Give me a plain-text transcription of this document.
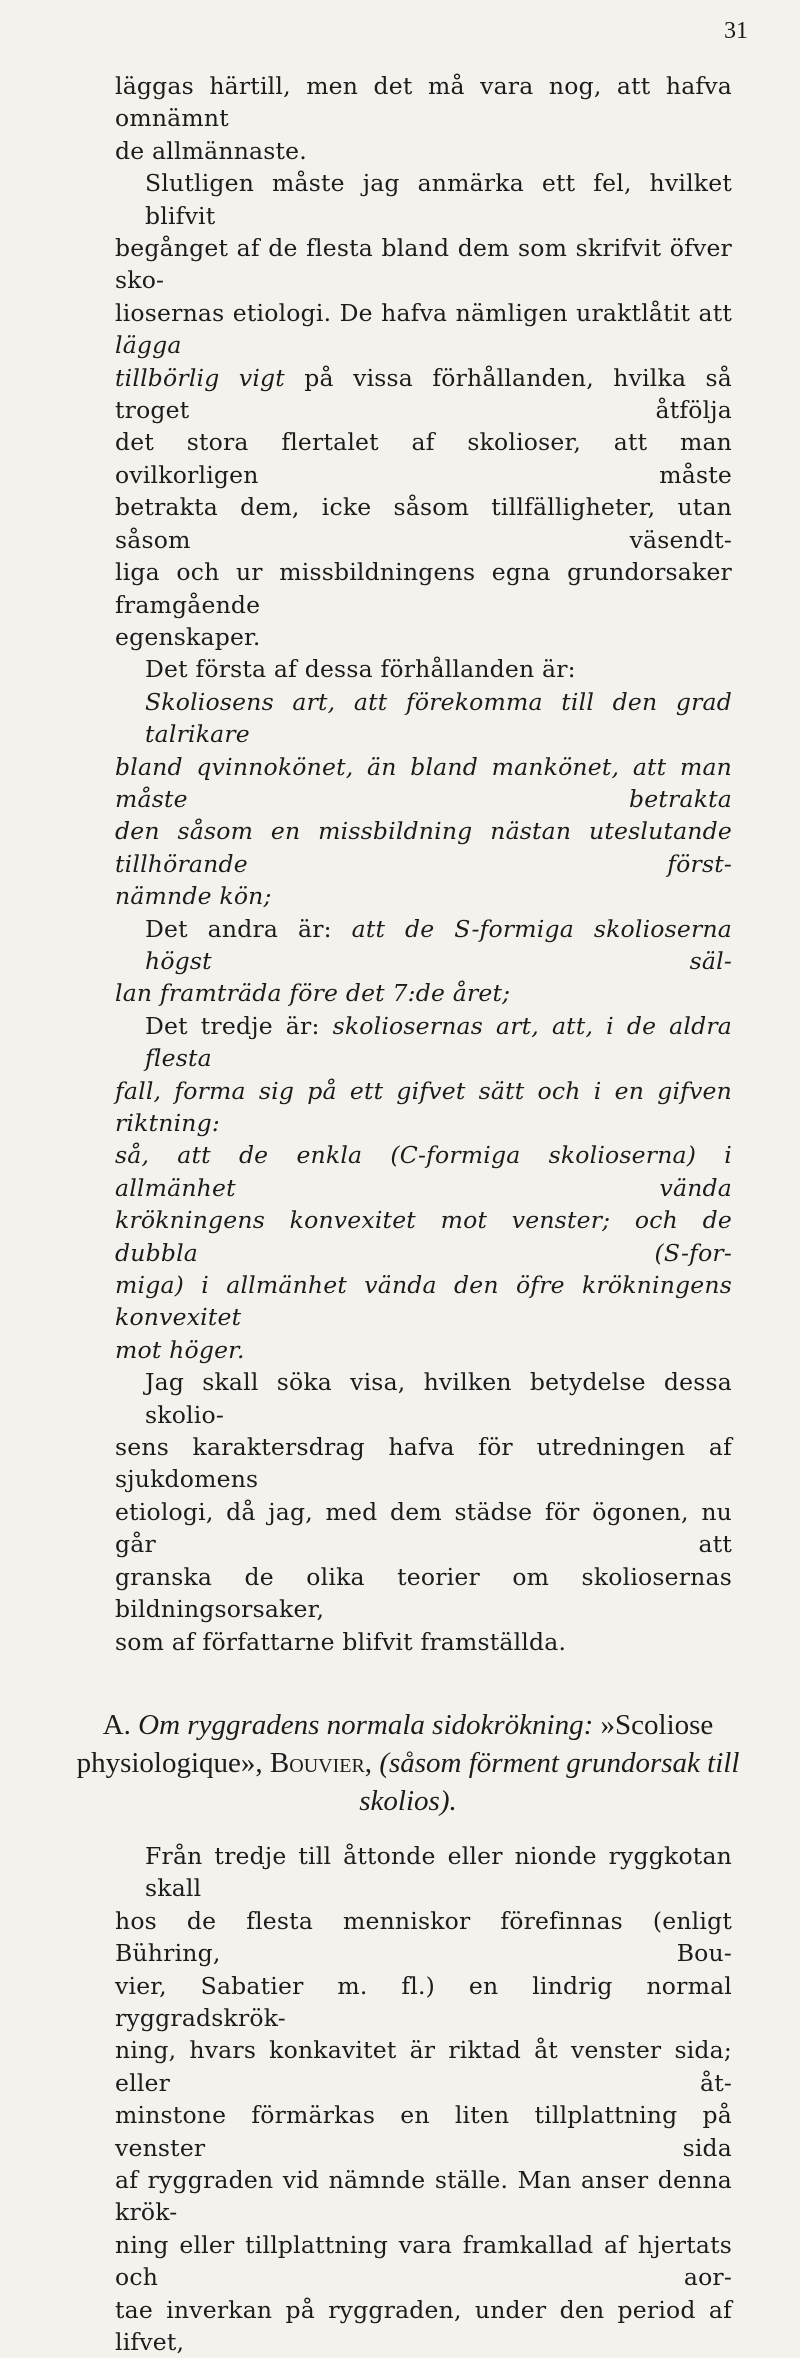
31

läggas härtill, men det må vara nog, att hafva omnämnt
de allmännaste.

Slutligen måste jag anmärka ett fel, hvilket blifvit
begånget af de flesta bland dem som skrifvit öfver sko-
liosernas etiologi. De hafva nämligen uraktlåtit att lägga
tillbörlig vigt på vissa förhållanden, hvilka så troget åtfölja
det stora flertalet af skolioser, att man ovilkorligen måste
betrakta dem, icke såsom tillfälligheter, utan såsom väsendt-
liga och ur missbildningens egna grundorsaker framgående
egenskaper.

Det första af dessa förhållanden är:

Skoliosens art, att förekomma till den grad talrikare
bland qvinnokönet, än bland mankönet, att man måste betrakta
den såsom en missbildning nästan uteslutande tillhörande först-
nämnde kön;

Det andra är: att de S-formiga skolioserna högst säl-
lan framträda före det 7:de året;

Det tredje är: skoliosernas art, att, i de aldra flesta
fall, forma sig på ett gifvet sätt och i en gifven riktning:
så, att de enkla (C-formiga skolioserna) i allmänhet vända
krökningens konvexitet mot venster; och de dubbla (S-for-
miga) i allmänhet vända den öfre krökningens konvexitet
mot höger.

Jag skall söka visa, hvilken betydelse dessa skolio-
sens karaktersdrag hafva för utredningen af sjukdomens
etiologi, då jag, med dem städse för ögonen, nu går att
granska de olika teorier om skoliosernas bildningsorsaker,
som af författarne blifvit framställda.

A. Om ryggradens normala sidokrökning: »Scoliose physiologique», Bouvier, (såsom förment grundorsak till skolios).

Från tredje till åttonde eller nionde ryggkotan skall
hos de flesta menniskor förefinnas (enligt Bühring, Bou-
vier, Sabatier m. fl.) en lindrig normal ryggradskrök-
ning, hvars konkavitet är riktad åt venster sida; eller åt-
minstone förmärkas en liten tillplattning på venster sida
af ryggraden vid nämnde ställe. Man anser denna krök-
ning eller tillplattning vara framkallad af hjertats och aor-
tae inverkan på ryggraden, under den period af lifvet,
